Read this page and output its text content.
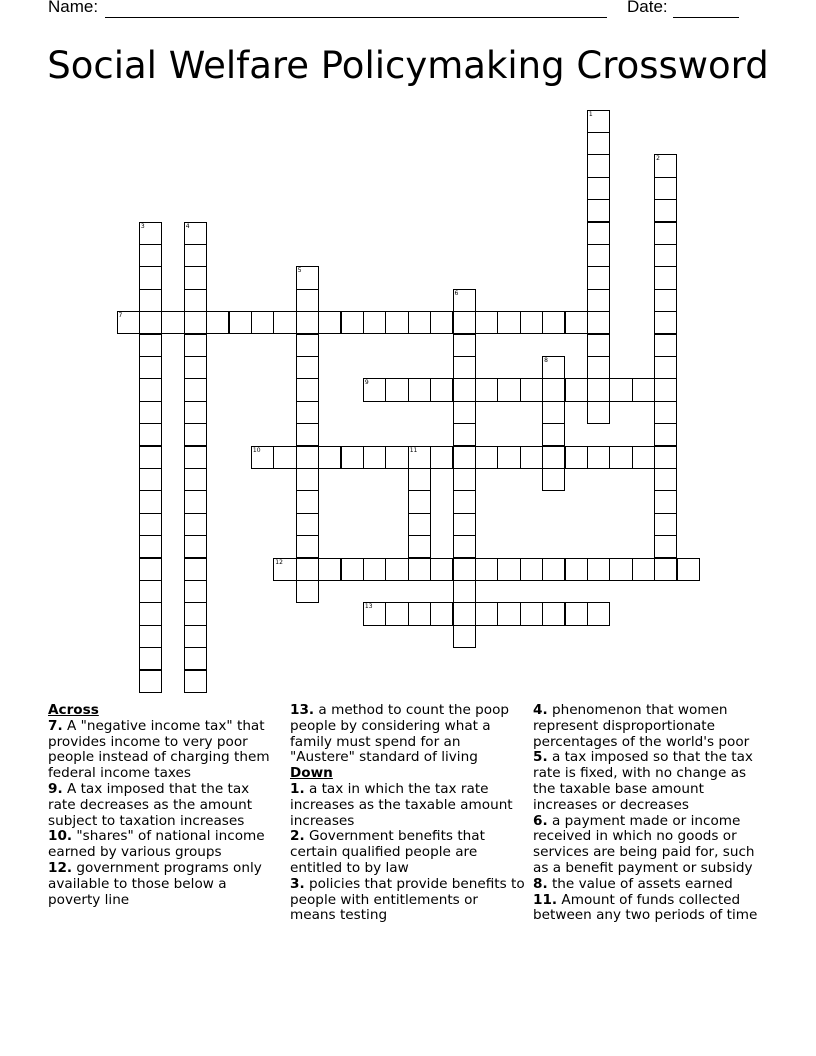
Name:	Date:
Social Welfare Policymaking Crossword
1
2
3	4
5
6
7
8
9
10	11
12
13

Across

7. A "negative income tax" that provides income to very poor people instead of charging them federal income taxes

9. A tax imposed that the tax rate decreases as the amount subject to taxation increases

10. "shares" of national income earned by various groups

12. government programs only available to those below a poverty line

13. a method to count the poop people by considering what a family must spend for an "Austere" standard of living

Down

1. a tax in which the tax rate increases as the taxable amount increases

2. Government benefits that certain qualified people are entitled to by law

3. policies that provide benefits to people with entitlements or means testing

4. phenomenon that women represent disproportionate percentages of the world's poor

5. a tax imposed so that the tax rate is fixed, with no change as the taxable base amount increases or decreases

6. a payment made or income received in which no goods or services are being paid for, such as a benefit payment or subsidy

8. the value of assets earned

11. Amount of funds collected between any two periods of time
